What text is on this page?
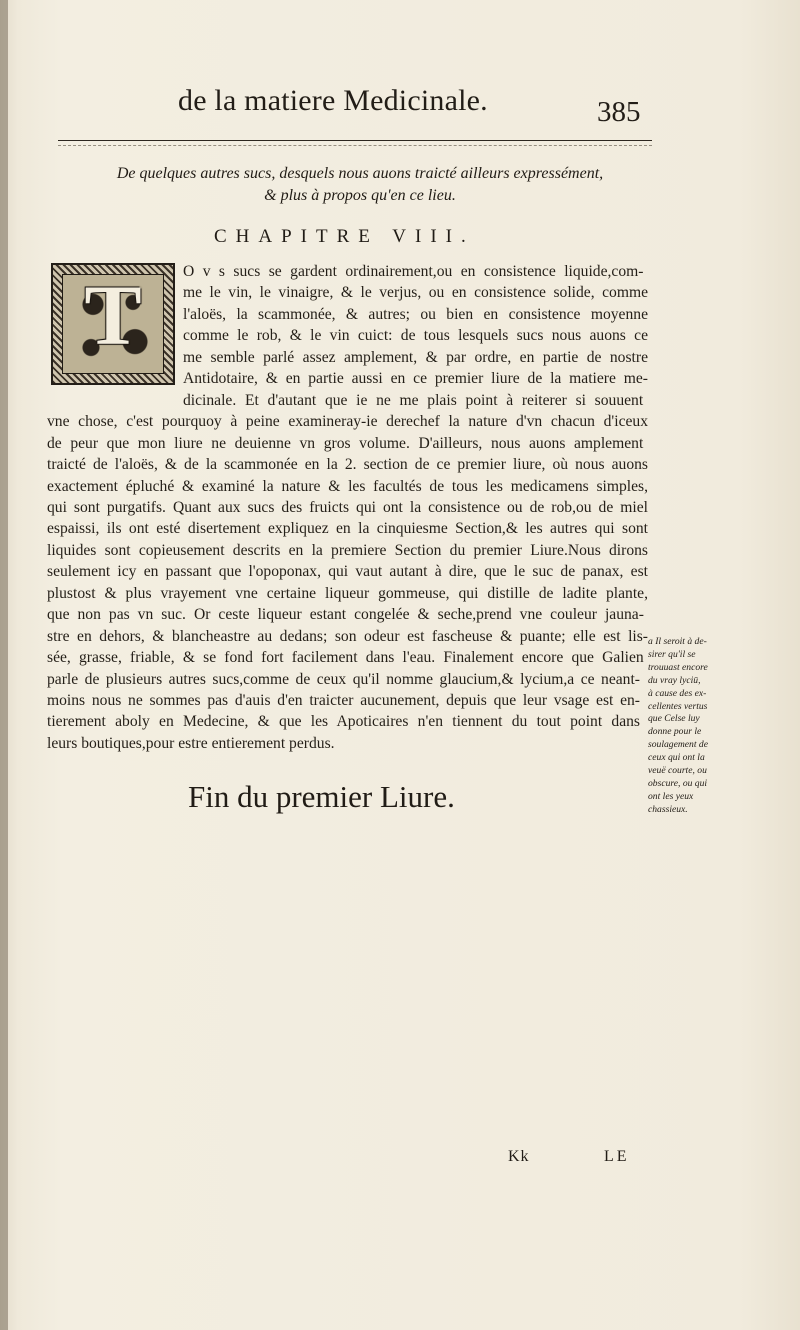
de la matiere Medicinale.	385
De quelques autres sucs, desquels nous auons traicté ailleurs expressément,
& plus à propos qu'en ce lieu.
CHAPITRE VIII.
T	O v s sucs se gardent ordinairement,ou en consistence liquide,com-
me le vin, le vinaigre, & le verjus, ou en consistence solide, comme
l'aloës, la scammonée, & autres; ou bien en consistence moyenne
comme le rob, & le vin cuict: de tous lesquels sucs nous auons ce
me semble parlé assez amplement, & par ordre, en partie de nostre
Antidotaire, & en partie aussi en ce premier liure de la matiere me-
dicinale. Et d'autant que ie ne me plais point à reiterer si souuent
vne chose, c'est pourquoy à peine examineray-ie derechef la nature d'vn chacun d'iceux
de peur que mon liure ne deuienne vn gros volume. D'ailleurs, nous auons amplement
traicté de l'aloës, & de la scammonée en la 2. section de ce premier liure, où nous auons
exactement épluché & examiné la nature & les facultés de tous les medicamens simples,
qui sont purgatifs. Quant aux sucs des fruicts qui ont la consistence ou de rob,ou de miel
espaissi, ils ont esté disertement expliquez en la cinquiesme Section,& les autres qui sont
liquides sont copieusement descrits en la premiere Section du premier Liure.Nous dirons
seulement icy en passant que l'opoponax, qui vaut autant à dire, que le suc de panax, est
plustost & plus vrayement vne certaine liqueur gommeuse, qui distille de ladite plante,
que non pas vn suc. Or ceste liqueur estant congelée & seche,prend vne couleur jauna-
stre en dehors, & blancheastre au dedans; son odeur est fascheuse & puante; elle est lis-
sée, grasse, friable, & se fond fort facilement dans l'eau. Finalement encore que Galien
parle de plusieurs autres sucs,comme de ceux qu'il nomme glaucium,& lycium,a ce neant-
moins nous ne sommes pas d'auis d'en traicter aucunement, depuis que leur vsage est en-
tierement aboly en Medecine, & que les Apoticaires n'en tiennent du tout point dans
leurs boutiques,pour estre entierement perdus.
a Il seroit à de-
sirer qu'il se
trouuast encore
du vray lyciū,
à cause des ex-
cellentes vertus
que Celse luy
donne pour le
soulagement de
ceux qui ont la
veuë courte, ou
obscure, ou qui
ont les yeux
chassieux.
Fin du premier Liure.
Kk	LE
